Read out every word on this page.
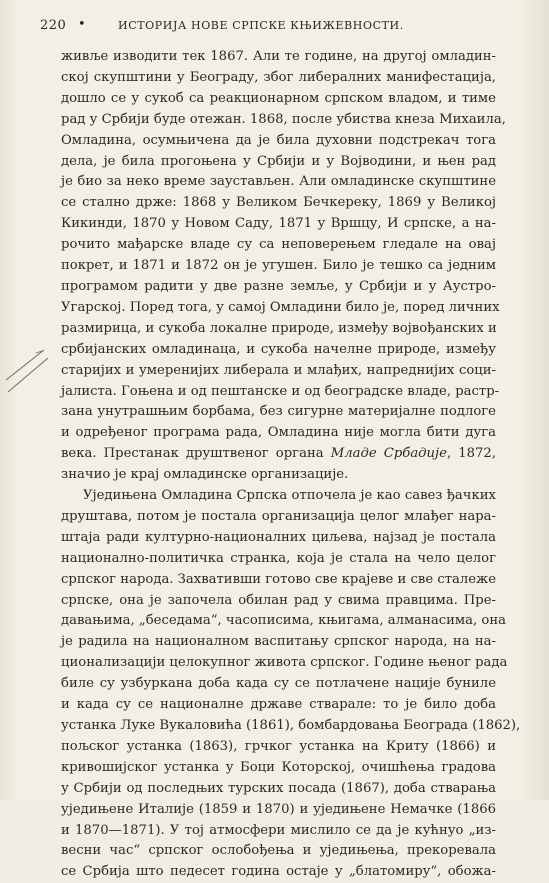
220 •	ИСТОРИЈА НОВЕ СРПСКЕ КЊИЖЕВНОСТИ.
живље изводити тек 1867. Али те године, на другој омладин-
ској скупштини у Београду, због либералних манифестација,
дошло се у сукоб са реакционарном српском владом, и тиме
рад у Србији буде отежан. 1868, после убиства кнеза Михаила,
Омладина, осумњичена да је била духовни подстрекач тога
дела, је била прогоњена у Србији и у Војводини, и њен рад
је био за неко време заустављен. Али омладинске скупштине
се стално држе: 1868 у Великом Бечкереку, 1869 у Великој
Кикинди, 1870 у Новом Саду, 1871 у Вршцу, И српске, а на-
рочито мађарске владе су са неповерењем гледале на овај
покрет, и 1871 и 1872 он је угушен. Било је тешко са једним
програмом радити у две разне земље, у Србији и у Аустро-
Угарској. Поред тога, у самој Омладини било је, поред личних
размирица, и сукоба локалне природе, између војвођанских и
србијанских омладинаца, и сукоба начелне природе, између
старијих и умеренијих либерала и млађих, напреднијих соци-
јалиста. Гоњена и од пештанске и од београдске владе, растр-
зана унутрашњим борбама, без сигурне материјалне подлоге
и одређеног програма рада, Омладина није могла бити дуга
века. Престанак друштвеног органа Младе Србадије, 1872,
значио је крај омладинске организације.
Уједињена Омладина Српска отпочела је као савез ђачких
друштава, потом је постала организација целог млађег нара-
штаја ради културно-националних циљева, најзад је постала
национално-политичка странка, која је стала на чело целог
српског народа. Захвативши готово све крајеве и све сталеже
српске, она је започела обилан рад у свима правцима. Пре-
давањима, „беседама“, часописима, књигама, алманасима, она
је радила на националном васпитању српског народа, на на-
ционализацији целокупног живота српског. Године њеног рада
биле су узбуркана доба када су се потлачене нације буниле
и када су се националне државе стварале: то је било доба
устанка Луке Вукаловића (1861), бомбардовања Београда (1862),
пољског устанка (1863), грчког устанка на Криту (1866) и
кривошијског устанка у Боци Которској, очишћења градова
у Србији од последњих турских посада (1867), доба стварања
уједињене Италије (1859 и 1870) и уједињене Немачке (1866
и 1870—1871). У тој атмосфери мислило се да је кућнуо „из-
весни час“ српског ослобођења и уједињења, прекоревала
се Србија што педесет година остаје у „блатомиру“, обожа-
